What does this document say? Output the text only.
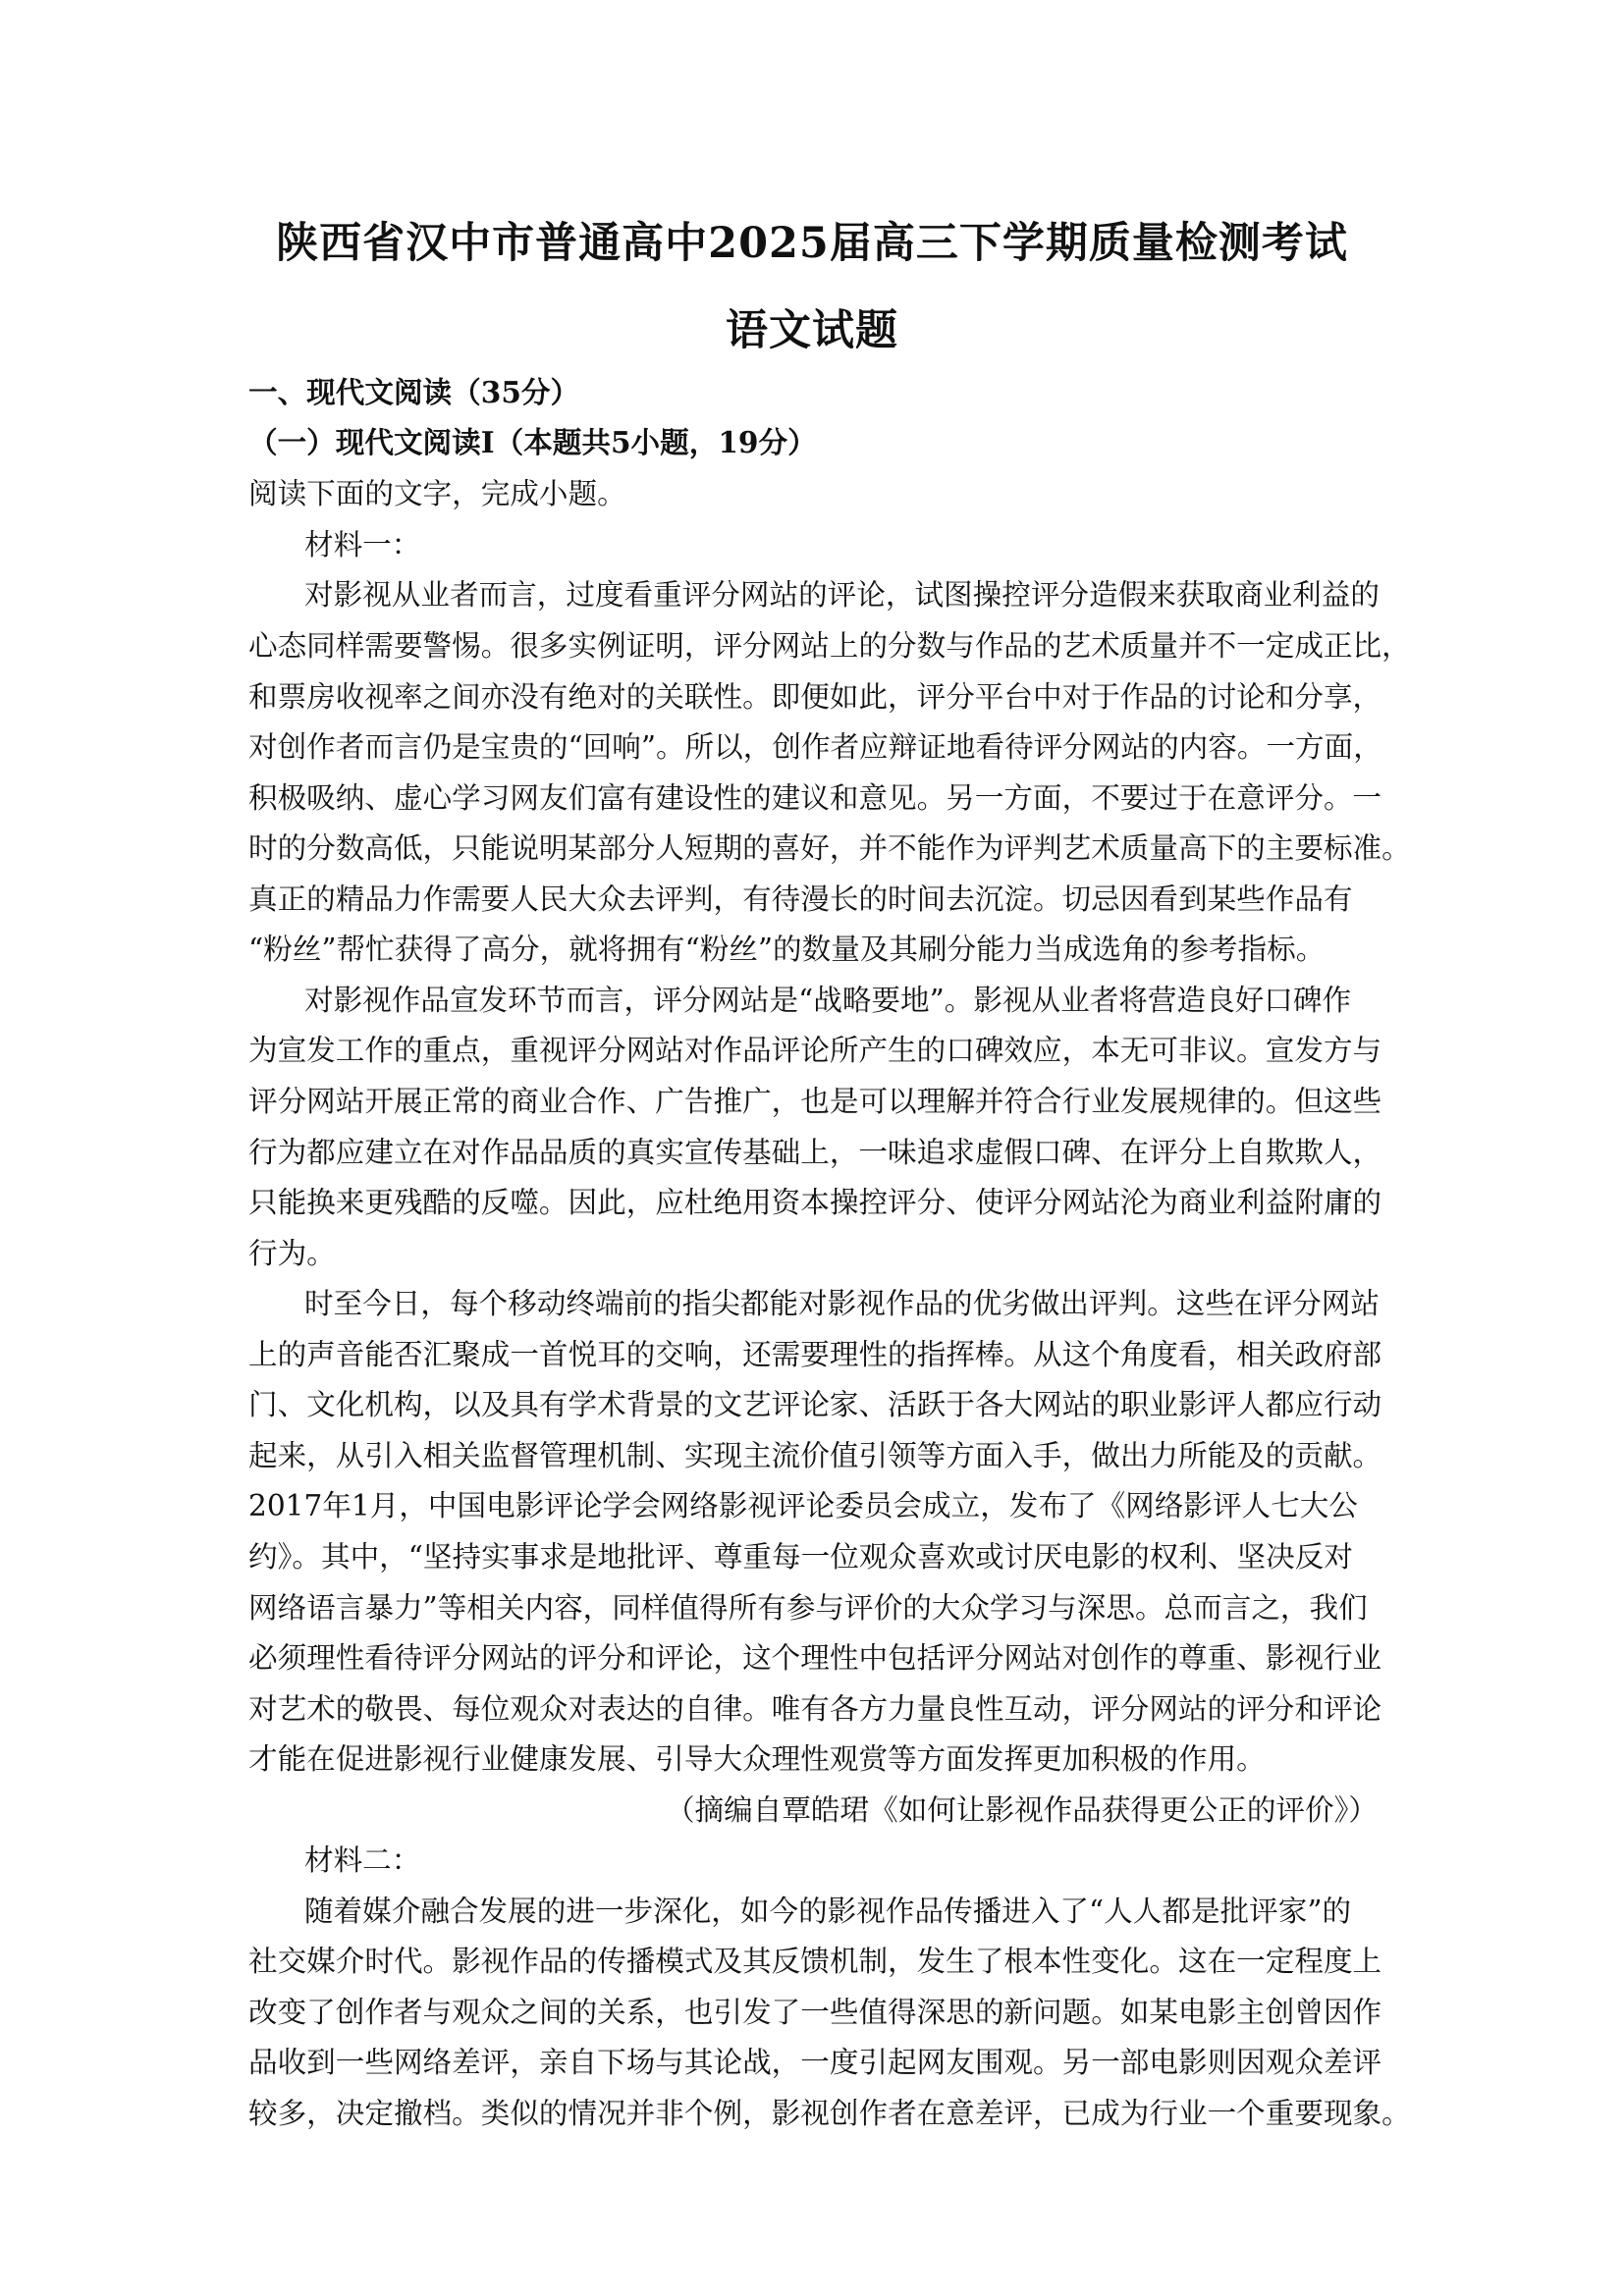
陕西省汉中市普通高中2025届高三下学期质量检测考试
语文试题
一、现代文阅读（35分）
（一）现代文阅读Ⅰ（本题共5小题，19分）
阅读下面的文字，完成小题。
材料一：
对影视从业者而言，过度看重评分网站的评论，试图操控评分造假来获取商业利益的
心态同样需要警惕。很多实例证明，评分网站上的分数与作品的艺术质量并不一定成正比，
和票房收视率之间亦没有绝对的关联性。即便如此，评分平台中对于作品的讨论和分享，
对创作者而言仍是宝贵的“回响”。所以，创作者应辩证地看待评分网站的内容。一方面，
积极吸纳、虚心学习网友们富有建设性的建议和意见。另一方面，不要过于在意评分。一
时的分数高低，只能说明某部分人短期的喜好，并不能作为评判艺术质量高下的主要标准。
真正的精品力作需要人民大众去评判，有待漫长的时间去沉淀。切忌因看到某些作品有
“粉丝”帮忙获得了高分，就将拥有“粉丝”的数量及其刷分能力当成选角的参考指标。
对影视作品宣发环节而言，评分网站是“战略要地”。影视从业者将营造良好口碑作
为宣发工作的重点，重视评分网站对作品评论所产生的口碑效应，本无可非议。宣发方与
评分网站开展正常的商业合作、广告推广，也是可以理解并符合行业发展规律的。但这些
行为都应建立在对作品品质的真实宣传基础上，一味追求虚假口碑、在评分上自欺欺人，
只能换来更残酷的反噬。因此，应杜绝用资本操控评分、使评分网站沦为商业利益附庸的
行为。
时至今日，每个移动终端前的指尖都能对影视作品的优劣做出评判。这些在评分网站
上的声音能否汇聚成一首悦耳的交响，还需要理性的指挥棒。从这个角度看，相关政府部
门、文化机构，以及具有学术背景的文艺评论家、活跃于各大网站的职业影评人都应行动
起来，从引入相关监督管理机制、实现主流价值引领等方面入手，做出力所能及的贡献。
2017年1月，中国电影评论学会网络影视评论委员会成立，发布了《网络影评人七大公
约》。其中，“坚持实事求是地批评、尊重每一位观众喜欢或讨厌电影的权利、坚决反对
网络语言暴力”等相关内容，同样值得所有参与评价的大众学习与深思。总而言之，我们
必须理性看待评分网站的评分和评论，这个理性中包括评分网站对创作的尊重、影视行业
对艺术的敬畏、每位观众对表达的自律。唯有各方力量良性互动，评分网站的评分和评论
才能在促进影视行业健康发展、引导大众理性观赏等方面发挥更加积极的作用。
（摘编自覃皓珺《如何让影视作品获得更公正的评价》）
材料二：
随着媒介融合发展的进一步深化，如今的影视作品传播进入了“人人都是批评家”的
社交媒介时代。影视作品的传播模式及其反馈机制，发生了根本性变化。这在一定程度上
改变了创作者与观众之间的关系，也引发了一些值得深思的新问题。如某电影主创曾因作
品收到一些网络差评，亲自下场与其论战，一度引起网友围观。另一部电影则因观众差评
较多，决定撤档。类似的情况并非个例，影视创作者在意差评，已成为行业一个重要现象。
